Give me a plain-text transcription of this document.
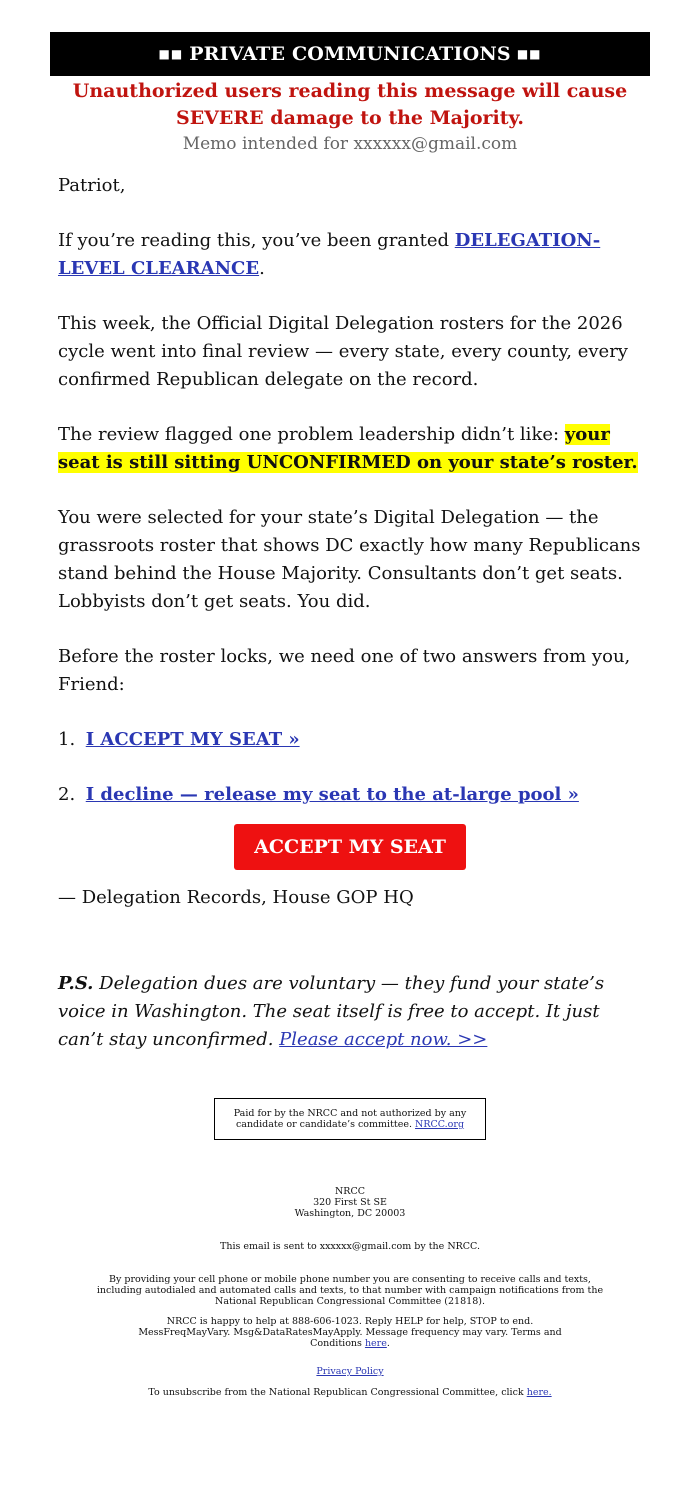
■■ PRIVATE COMMUNICATIONS ■■
Unauthorized users reading this message will cause SEVERE damage to the Majority.
Memo intended for xxxxxx@gmail.com

Patriot,

If you’re reading this, you’ve been granted DELEGATION-LEVEL CLEARANCE.

This week, the Official Digital Delegation rosters for the 2026 cycle went into final review — every state, every county, every confirmed Republican delegate on the record.

The review flagged one problem leadership didn’t like: your seat is still sitting UNCONFIRMED on your state’s roster.

You were selected for your state’s Digital Delegation — the grassroots roster that shows DC exactly how many Republicans stand behind the House Majority. Consultants don’t get seats. Lobbyists don’t get seats. You did.

Before the roster locks, we need one of two answers from you, Friend:

1. I ACCEPT MY SEAT »
2. I decline — release my seat to the at-large pool »
ACCEPT MY SEAT
— Delegation Records, House GOP HQ
P.S. Delegation dues are voluntary — they fund your state’s voice in Washington. The seat itself is free to accept. It just can’t stay unconfirmed. Please accept now. >>
Paid for by the NRCC and not authorized by any candidate or candidate’s committee. NRCC.org
NRCC
320 First St SE
Washington, DC 20003
This email is sent to xxxxxx@gmail.com by the NRCC.
By providing your cell phone or mobile phone number you are consenting to receive calls and texts, including autodialed and automated calls and texts, to that number with campaign notifications from the National Republican Congressional Committee (21818).
NRCC is happy to help at 888-606-1023. Reply HELP for help, STOP to end. MessFreqMayVary. Msg&DataRatesMayApply. Message frequency may vary. Terms and Conditions here.
Privacy Policy
To unsubscribe from the National Republican Congressional Committee, click here.
